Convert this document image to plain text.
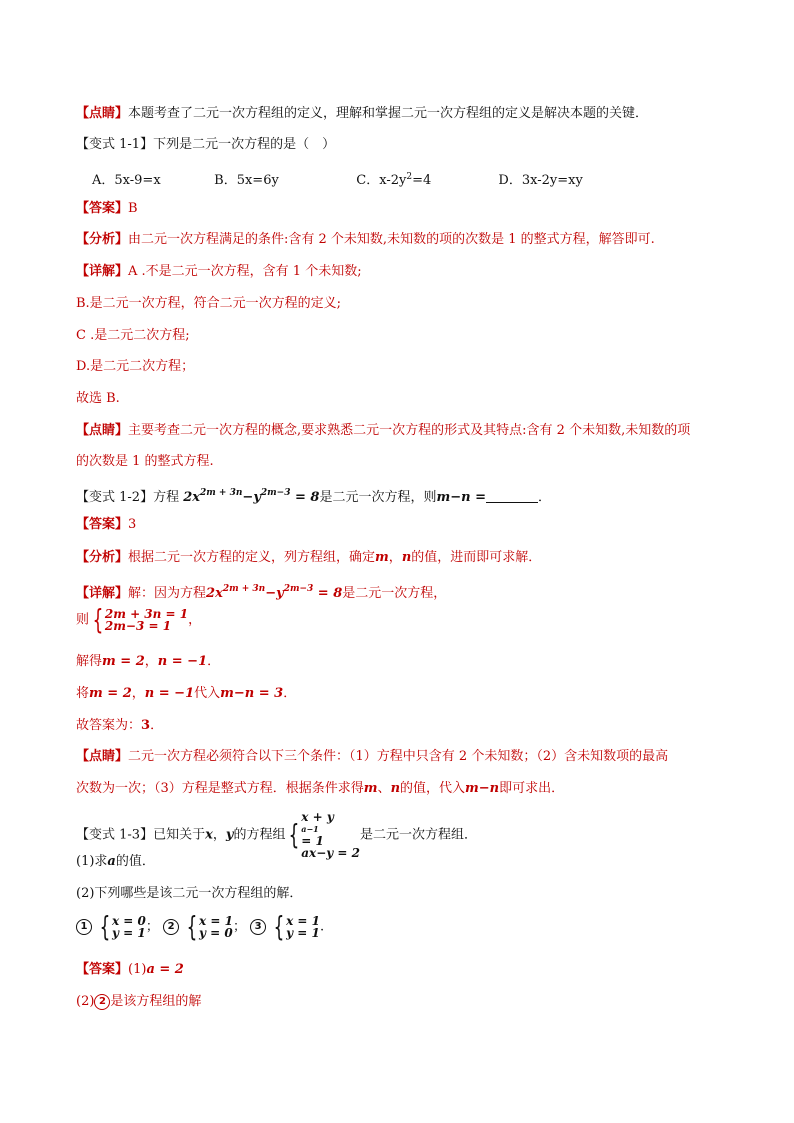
【点睛】本题考查了二元一次方程组的定义，理解和掌握二元一次方程组的定义是解决本题的关键．
【变式 1-1】下列是二元一次方程的是（　）
A．5x-9=x	B．5x=6y	C．$x-2y^2=4$	D．3x-2y=xy
【答案】B
【分析】由二元一次方程满足的条件:含有 2 个未知数,未知数的项的次数是 1 的整式方程，解答即可.
【详解】A .不是二元一次方程，含有 1 个未知数;
B.是二元一次方程，符合二元一次方程的定义;
C .是二元二次方程;
D.是二元二次方程；
故选 B.
【点睛】主要考查二元一次方程的概念,要求熟悉二元一次方程的形式及其特点:含有 2 个未知数,未知数的项
的次数是 1 的整式方程.
【变式 1-2】方程 $2x^{2m + 3n}-y^{2m-3} = 8$是二元一次方程，则m−n =	．
【答案】3
【分析】根据二元一次方程的定义，列方程组，确定m，n的值，进而即可求解．
【详解】解：因为方程$2x^{2m + 3n}-y^{2m-3} = 8$是二元一次方程，
则 { 2m + 3n = 1
2m−3 = 1	，
解得m = 2，n = −1．
将m = 2，n = −1代入m−n = 3．
故答案为：3．
【点睛】二元一次方程必须符合以下三个条件：（1）方程中只含有 2 个未知数；（2）含未知数项的最高
次数为一次；（3）方程是整式方程．根据条件求得m、n的值，代入m−n即可求出．
【变式 1-3】已知关于x，y的方程组 {
x + y
a−1
= 1
ax−y = 2
是二元一次方程组．
(1)求a的值．
(2)下列哪些是该二元一次方程组的解．
1 { x = 0
y = 1 ； 2 { x = 1
y = 0 ； 3 { x = 1
y = 1 .
【答案】(1)a = 2
(2) 2 是该方程组的解
